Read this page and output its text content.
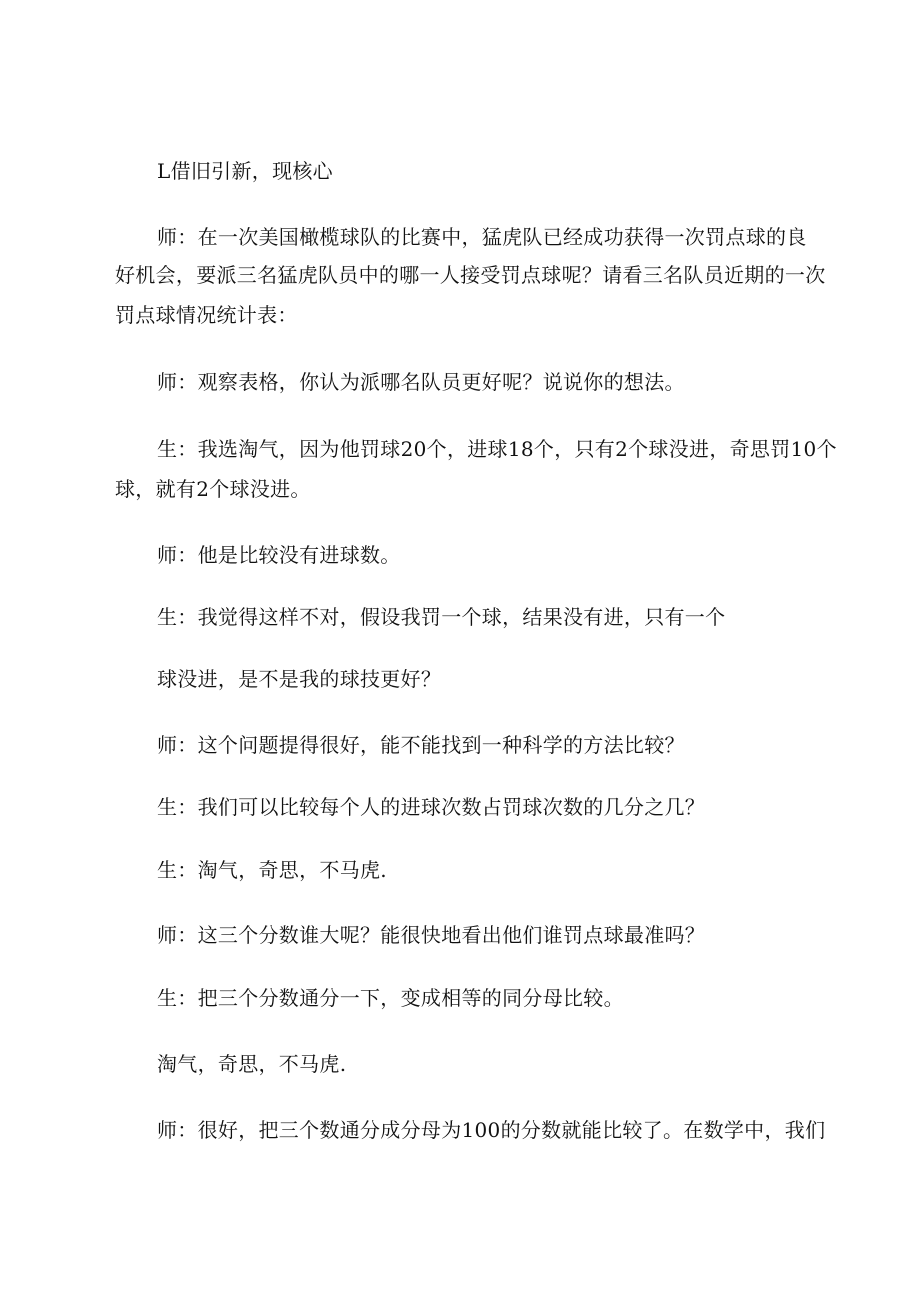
L借旧引新，现核心

师：在一次美国橄榄球队的比赛中，猛虎队已经成功获得一次罚点球的良

好机会，要派三名猛虎队员中的哪一人接受罚点球呢？请看三名队员近期的一次

罚点球情况统计表：

师：观察表格，你认为派哪名队员更好呢？说说你的想法。

生：我选淘气，因为他罚球20个，进球18个，只有2个球没进，奇思罚10个

球，就有2个球没进。

师：他是比较没有进球数。

生：我觉得这样不对，假设我罚一个球，结果没有进，只有一个

球没进，是不是我的球技更好？

师：这个问题提得很好，能不能找到一种科学的方法比较？

生：我们可以比较每个人的进球次数占罚球次数的几分之几？

生：淘气，奇思，不马虎.

师：这三个分数谁大呢？能很快地看出他们谁罚点球最准吗？

生：把三个分数通分一下，变成相等的同分母比较。

淘气，奇思，不马虎.

师：很好，把三个数通分成分母为100的分数就能比较了。在数学中，我们
